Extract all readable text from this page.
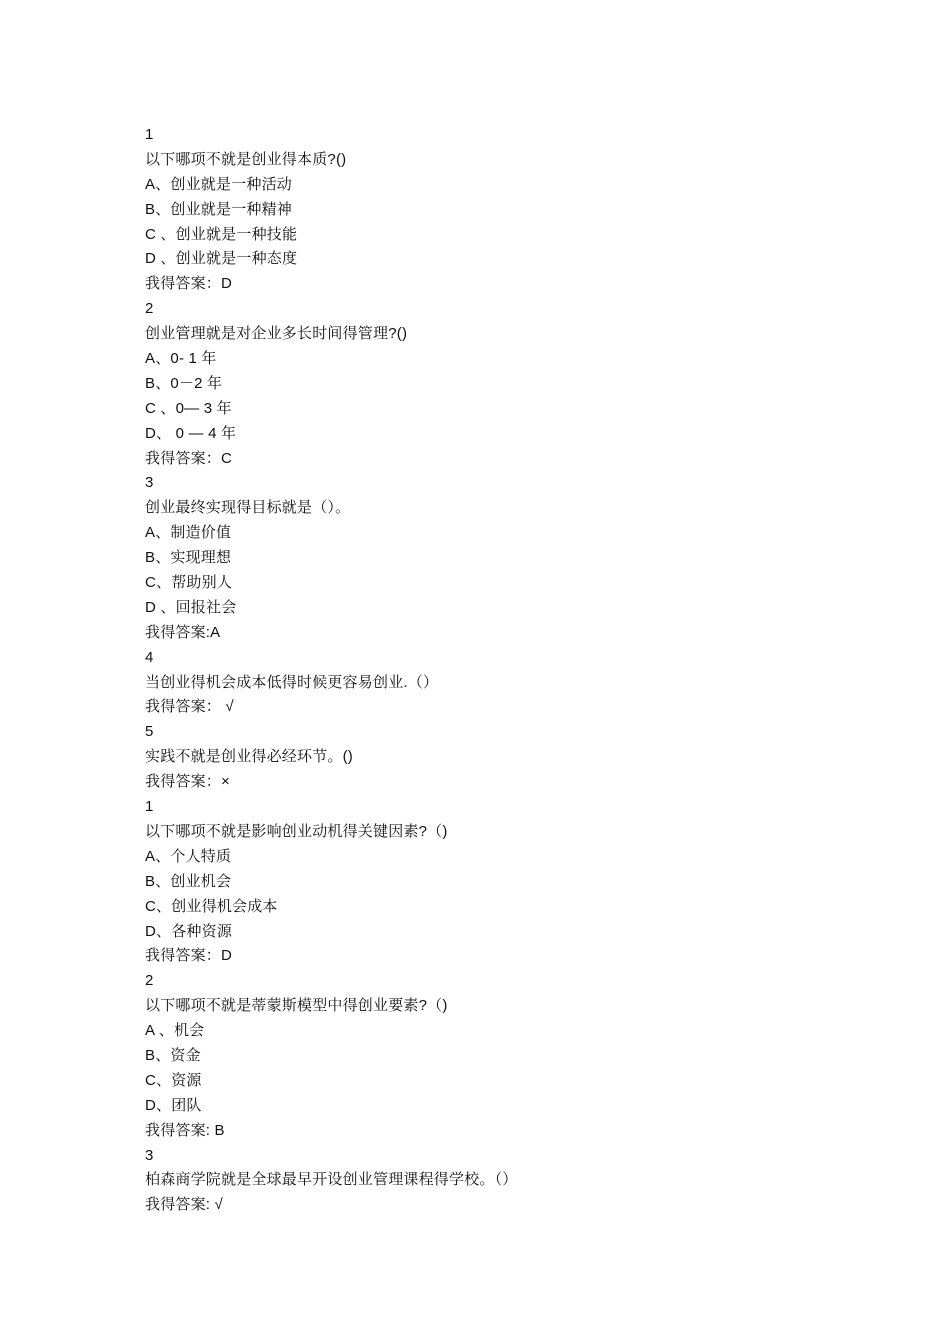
1
以下哪项不就是创业得本质?()
A、创业就是一种活动
B、创业就是一种精神
C 、创业就是一种技能
D 、创业就是一种态度
我得答案：D
2
创业管理就是对企业多长时间得管理?()
A、0- 1 年
B、0－2 年
C 、0— 3 年
D、 0 — 4 年
我得答案：C
3
创业最终实现得目标就是（）。
A、制造价值
B、实现理想
C、帮助别人
D 、回报社会
我得答案:A
4
当创业得机会成本低得时候更容易创业.（）
我得答案： √
5
实践不就是创业得必经环节。()
我得答案：×
1
以下哪项不就是影响创业动机得关键因素?（)
A、个人特质
B、创业机会
C、创业得机会成本
D、各种资源
我得答案：D
2
以下哪项不就是蒂蒙斯模型中得创业要素?（)
A 、机会
B、资金
C、资源
D、团队
我得答案: B
3
柏森商学院就是全球最早开设创业管理课程得学校。（）
我得答案: √
